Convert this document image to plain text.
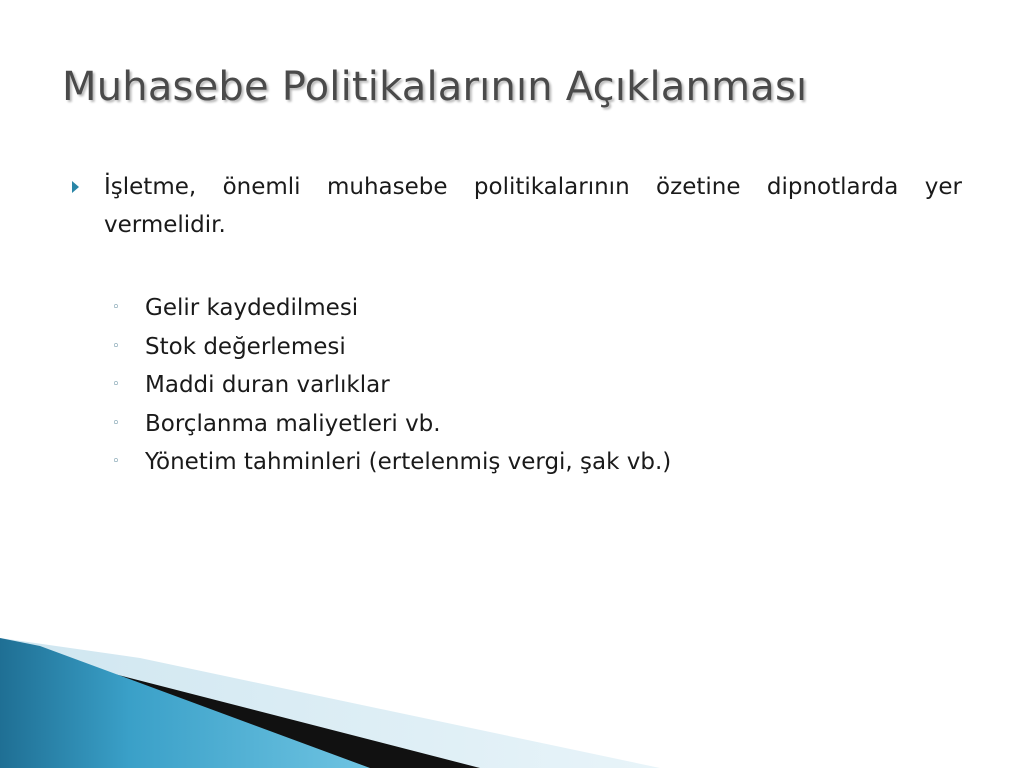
Muhasebe Politikalarının Açıklanması
İşletme, önemli muhasebe politikalarının özetine dipnotlarda yer vermelidir.
◦ Gelir kaydedilmesi
◦ Stok değerlemesi
◦ Maddi duran varlıklar
◦ Borçlanma maliyetleri vb.
◦ Yönetim tahminleri (ertelenmiş vergi, şak vb.)
